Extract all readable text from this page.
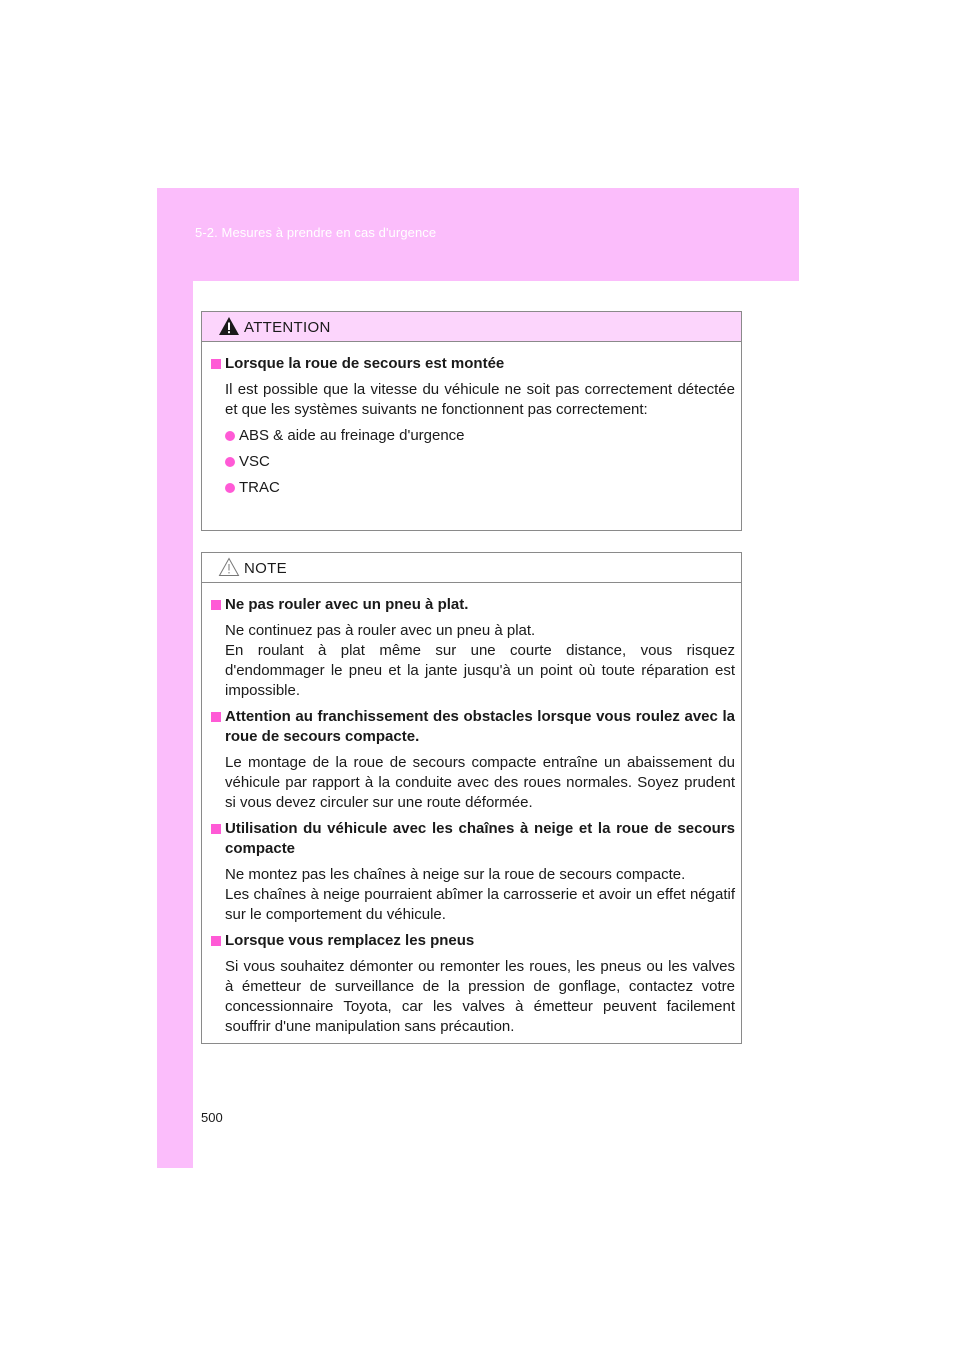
5-2. Mesures à prendre en cas d'urgence
ATTENTION
Lorsque la roue de secours est montée

Il est possible que la vitesse du véhicule ne soit pas correctement détectée et que les systèmes suivants ne fonctionnent pas correctement:

ABS & aide au freinage d'urgence
VSC
TRAC
NOTE
Ne pas rouler avec un pneu à plat.

Ne continuez pas à rouler avec un pneu à plat.

En roulant à plat même sur une courte distance, vous risquez d'endommager le pneu et la jante jusqu'à un point où toute réparation est impossible.

Attention au franchissement des obstacles lorsque vous roulez avec la roue de secours compacte.

Le montage de la roue de secours compacte entraîne un abaissement du véhicule par rapport à la conduite avec des roues normales. Soyez prudent si vous devez circuler sur une route déformée.

Utilisation du véhicule avec les chaînes à neige et la roue de secours compacte

Ne montez pas les chaînes à neige sur la roue de secours compacte.

Les chaînes à neige pourraient abîmer la carrosserie et avoir un effet négatif sur le comportement du véhicule.

Lorsque vous remplacez les pneus

Si vous souhaitez démonter ou remonter les roues, les pneus ou les valves à émetteur de surveillance de la pression de gonflage, contactez votre concessionnaire Toyota, car les valves à émetteur peuvent facilement souffrir d'une manipulation sans précaution.

500
